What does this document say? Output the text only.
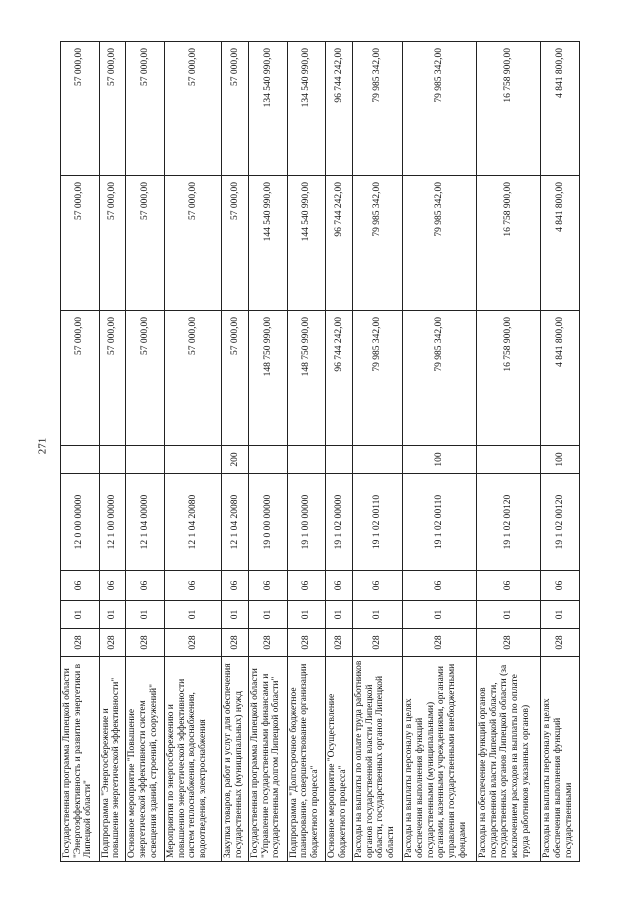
271
Государственная программа Липецкой области "Энергоэффективность и развитие энергетики в Липецкой области"	028	01	06	12 0 00 00000		57 000,00	57 000,00	57 000,00
Подпрограмма "Энергосбережение и повышение энергетической эффективности"	028	01	06	12 1 00 00000		57 000,00	57 000,00	57 000,00
Основное мероприятие "Повышение энергетической эффективности систем освещения зданий, строений, сооружений"	028	01	06	12 1 04 00000		57 000,00	57 000,00	57 000,00
Мероприятия по энергосбережению и повышению энергетической эффективности систем теплоснабжения, водоснабжения, водоотведения, электроснабжения	028	01	06	12 1 04 20080		57 000,00	57 000,00	57 000,00
Закупка товаров, работ и услуг для обеспечения государственных (муниципальных) нужд	028	01	06	12 1 04 20080	200	57 000,00	57 000,00	57 000,00
Государственная программа Липецкой области "Управление государственными финансами и государственным долгом Липецкой области"	028	01	06	19 0 00 00000		148 750 990,00	144 540 990,00	134 540 990,00
Подпрограмма "Долгосрочное бюджетное планирование, совершенствование организации бюджетного процесса"	028	01	06	19 1 00 00000		148 750 990,00	144 540 990,00	134 540 990,00
Основное мероприятие "Осуществление бюджетного процесса"	028	01	06	19 1 02 00000		96 744 242,00	96 744 242,00	96 744 242,00
Расходы на выплаты по оплате труда работников органов государственной власти Липецкой области, государственных органов Липецкой области	028	01	06	19 1 02 00110		79 985 342,00	79 985 342,00	79 985 342,00
Расходы на выплаты персоналу в целях обеспечения выполнения функций государственными (муниципальными) органами, казенными учреждениями, органами управления государственными внебюджетными фондами	028	01	06	19 1 02 00110	100	79 985 342,00	79 985 342,00	79 985 342,00
Расходы на обеспечение функций органов государственной власти Липецкой области, государственных органов Липецкой области (за исключением расходов на выплаты по оплате труда работников указанных органов)	028	01	06	19 1 02 00120		16 758 900,00	16 758 900,00	16 758 900,00
Расходы на выплаты персоналу в целях обеспечения выполнения функций государственными	028	01	06	19 1 02 00120	100	4 841 800,00	4 841 800,00	4 841 800,00
